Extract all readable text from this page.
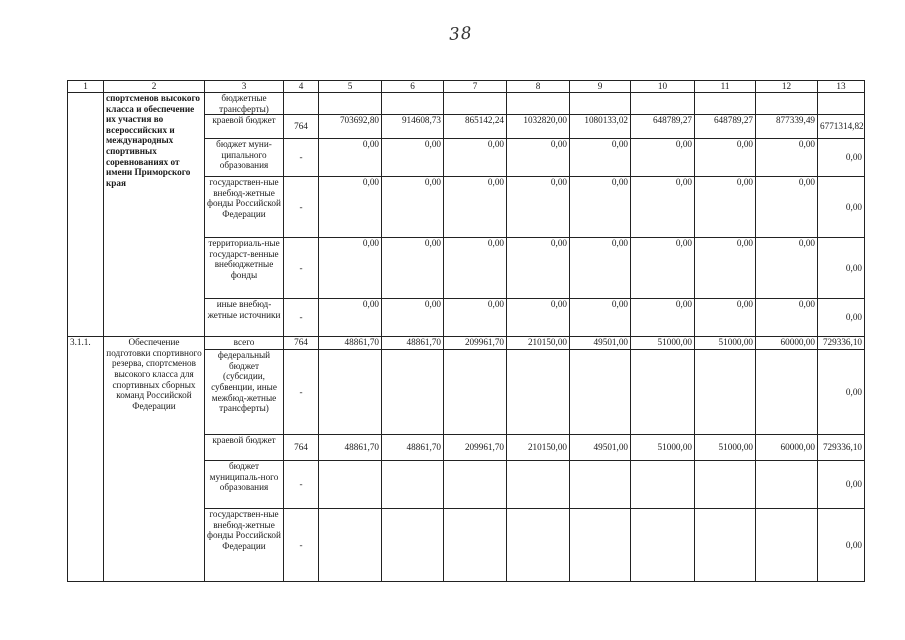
38
1	2	3	4	5	6	7	8	9	10	11	12	13
	спортсменов высокого класса и обеспечение их участия во всероссийских и международных спортивных соревнованиях от имени Приморского края	бюджетные трансферты)										
		краевой бюджет	764	703692,80	914608,73	865142,24	1032820,00	1080133,02	648789,27	648789,27	877339,49	6771314,82
		бюджет муни-ципального образования	-	0,00	0,00	0,00	0,00	0,00	0,00	0,00	0,00	0,00
		государствен-ные внебюд-жетные фонды Российской Федерации	-	0,00	0,00	0,00	0,00	0,00	0,00	0,00	0,00	0,00
		территориаль-ные государст-венные внебюджетные фонды	-	0,00	0,00	0,00	0,00	0,00	0,00	0,00	0,00	0,00
		иные внебюд-жетные источники	-	0,00	0,00	0,00	0,00	0,00	0,00	0,00	0,00	0,00
3.1.1.	Обеспечение подготовки спортивного резерва, спортсменов высокого класса для спортивных сборных команд Российской Федерации	всего	764	48861,70	48861,70	209961,70	210150,00	49501,00	51000,00	51000,00	60000,00	729336,10
		федеральный бюджет (субсидии, субвенции, иные межбюд-жетные трансферты)	-									0,00
		краевой бюджет	764	48861,70	48861,70	209961,70	210150,00	49501,00	51000,00	51000,00	60000,00	729336,10
		бюджет муниципаль-ного образования	-									0,00
		государствен-ные внебюд-жетные фонды Российской Федерации	-									0,00
